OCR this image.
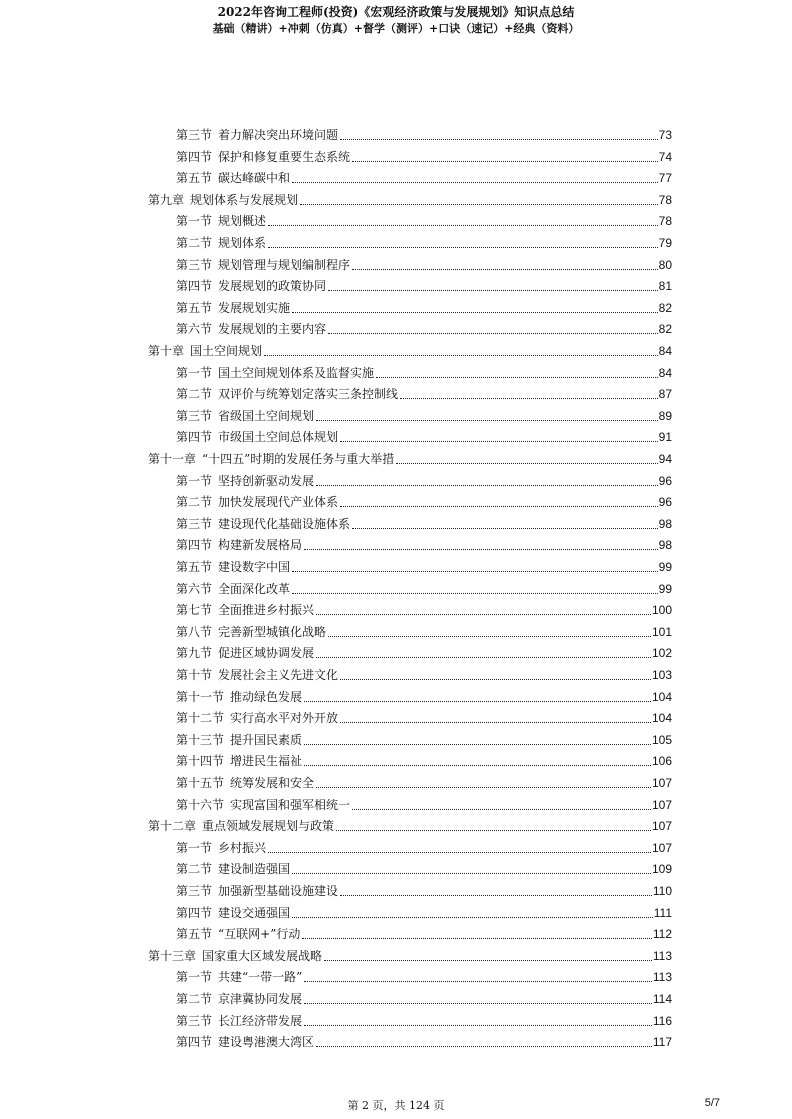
2022年咨询工程师(投资)《宏观经济政策与发展规划》知识点总结
基础（精讲）+冲刺（仿真）+督学（测评）+口诀（速记）+经典（资料）
第三节 着力解决突出环境问题	73
第四节 保护和修复重要生态系统	74
第五节 碳达峰碳中和	77
第九章 规划体系与发展规划	78
第一节 规划概述	78
第二节 规划体系	79
第三节 规划管理与规划编制程序	80
第四节 发展规划的政策协同	81
第五节 发展规划实施	82
第六节 发展规划的主要内容	82
第十章 国土空间规划	84
第一节 国土空间规划体系及监督实施	84
第二节 双评价与统筹划定落实三条控制线	87
第三节 省级国土空间规划	89
第四节 市级国土空间总体规划	91
第十一章 “十四五”时期的发展任务与重大举措	94
第一节 坚持创新驱动发展	96
第二节 加快发展现代产业体系	96
第三节 建设现代化基础设施体系	98
第四节 构建新发展格局	98
第五节 建设数字中国	99
第六节 全面深化改革	99
第七节 全面推进乡村振兴	100
第八节 完善新型城镇化战略	101
第九节 促进区域协调发展	102
第十节 发展社会主义先进文化	103
第十一节 推动绿色发展	104
第十二节 实行高水平对外开放	104
第十三节 提升国民素质	105
第十四节 增进民生福祉	106
第十五节 统筹发展和安全	107
第十六节 实现富国和强军相统一	107
第十二章 重点领域发展规划与政策	107
第一节 乡村振兴	107
第二节 建设制造强国	109
第三节 加强新型基础设施建设	110
第四节 建设交通强国	111
第五节 “互联网+”行动	112
第十三章 国家重大区域发展战略	113
第一节 共建“一带一路”	113
第二节 京津冀协同发展	114
第三节 长江经济带发展	116
第四节 建设粤港澳大湾区	117
第 2 页，共 124 页	5/7
